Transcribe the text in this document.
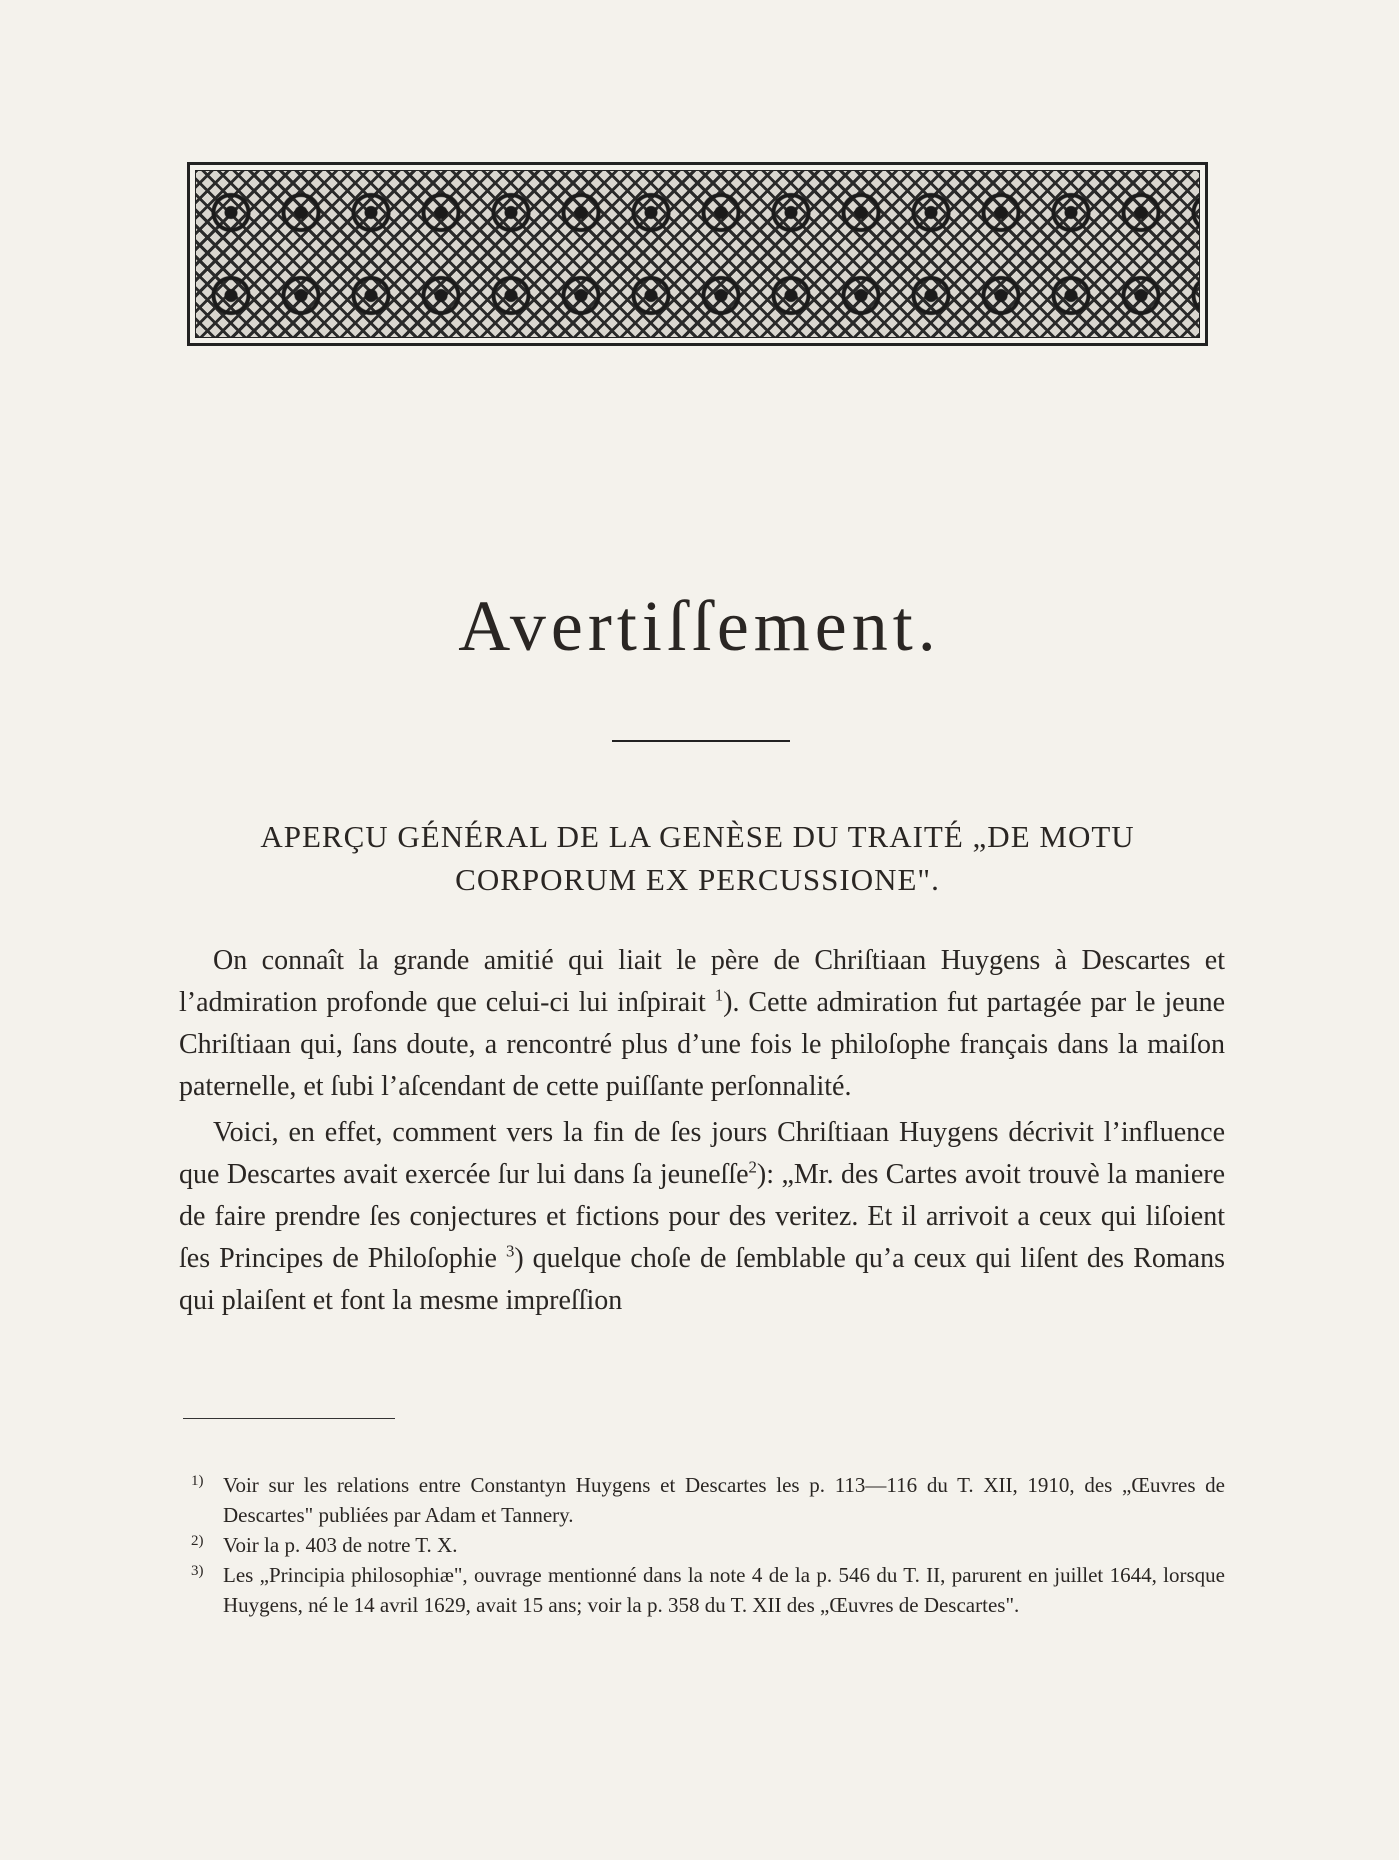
Avertiſſement.
APERÇU GÉNÉRAL DE LA GENÈSE DU TRAITÉ „DE MOTU CORPORUM EX PERCUSSIONE".

On connaît la grande amitié qui liait le père de Chriſtiaan Huygens à Descartes et l’admiration profonde que celui-ci lui inſpirait $^1$). Cette admiration fut partagée par le jeune Chriſtiaan qui, ſans doute, a rencontré plus d’une fois le philoſophe français dans la maiſon paternelle, et ſubi l’aſcendant de cette puiſſante perſonnalité.

Voici, en effet, comment vers la fin de ſes jours Chriſtiaan Huygens décrivit l’influence que Descartes avait exercée ſur lui dans ſa jeuneſſe$^2$): „Mr. des Cartes avoit trouvè la maniere de faire prendre ſes conjectures et fictions pour des veritez. Et il arrivoit a ceux qui liſoient ſes Principes de Philoſophie $^3$) quelque choſe de ſemblable qu’a ceux qui liſent des Romans qui plaiſent et font la mesme impreſſion

1) Voir sur les relations entre Constantyn Huygens et Descartes les p. 113—116 du T. XII, 1910, des „Œuvres de Descartes" publiées par Adam et Tannery.
2) Voir la p. 403 de notre T. X.
3) Les „Principia philosophiæ", ouvrage mentionné dans la note 4 de la p. 546 du T. II, parurent en juillet 1644, lorsque Huygens, né le 14 avril 1629, avait 15 ans; voir la p. 358 du T. XII des „Œuvres de Descartes".
